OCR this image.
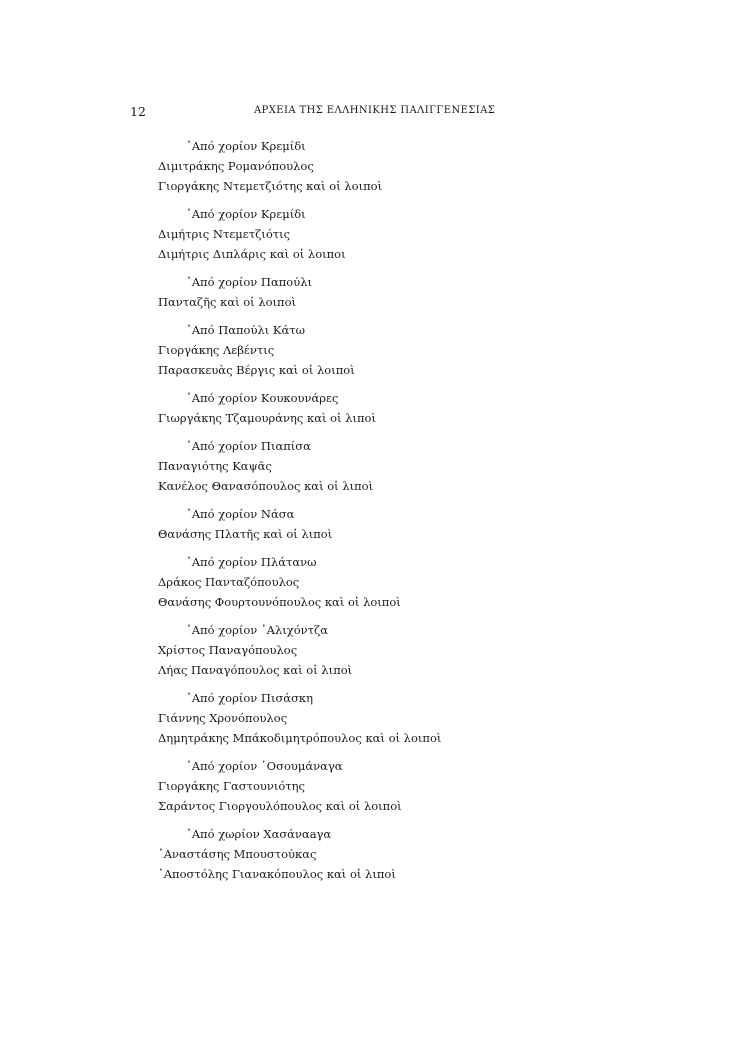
12	ΑΡΧΕΙΑ ΤΗΣ ΕΛΛΗΝΙΚΗΣ ΠΑΛΙΓΓΕΝΕΣΙΑΣ
᾿Από χορίον Κρεμίδι
Διμιτράκης Ρομανόπουλος
Γιοργάκης Ντεμετζιότης καὶ οἱ λοιποὶ
᾿Από χορίον Κρεμίδι
Διμήτρις Ντεμετζιότις
Διμήτρις Διπλάρις καὶ οἱ λοιποι
᾿Από χορίον Παπούλι
Πανταζῆς καὶ οἱ λοιποὶ
᾿Από Παπούλι Κάτω
Γιοργάκης Λεβέντις
Παρασκευὰς Βέργις καὶ οἱ λοιποὶ
᾿Από χορίον Κουκουνάρες
Γιωργάκης Τζαμουράνης καὶ οἱ λιποὶ
᾿Από χορίον Πιαπίσα
Παναγιότης Καψᾶς
Κανέλος Θανασόπουλος καὶ οἱ λιποὶ
᾿Από χορίον Νάσα
Θανάσης Πλατῆς καὶ οἱ λιποὶ
᾿Από χορίον Πλάτανω
Δράκος Πανταζόπουλος
Θανάσης Φουρτουνόπουλος καὶ οἱ λοιποὶ
᾿Από χορίον ᾿Αλιχόντζα
Χρίστος Παναγόπουλος
Λήας Παναγόπουλος καὶ οἱ λιποὶ
᾿Από χορίον Πισάσκη
Γιάννης Χρονόπουλος
Δημητράκης Μπάκοδιμητρόπουλος καὶ οἱ λοιποὶ
᾿Από χορίον ῾Οσουμάναγα
Γιοργάκης Γαστουνιότης
Σαράντος Γιοργουλόπουλος καὶ οἱ λοιποὶ
᾿Από χωρίον Χασάναaγα
᾿Αναστάσης Μπουστούκας
᾿Αποστόλης Γιανακόπουλος καὶ οἱ λιποὶ
